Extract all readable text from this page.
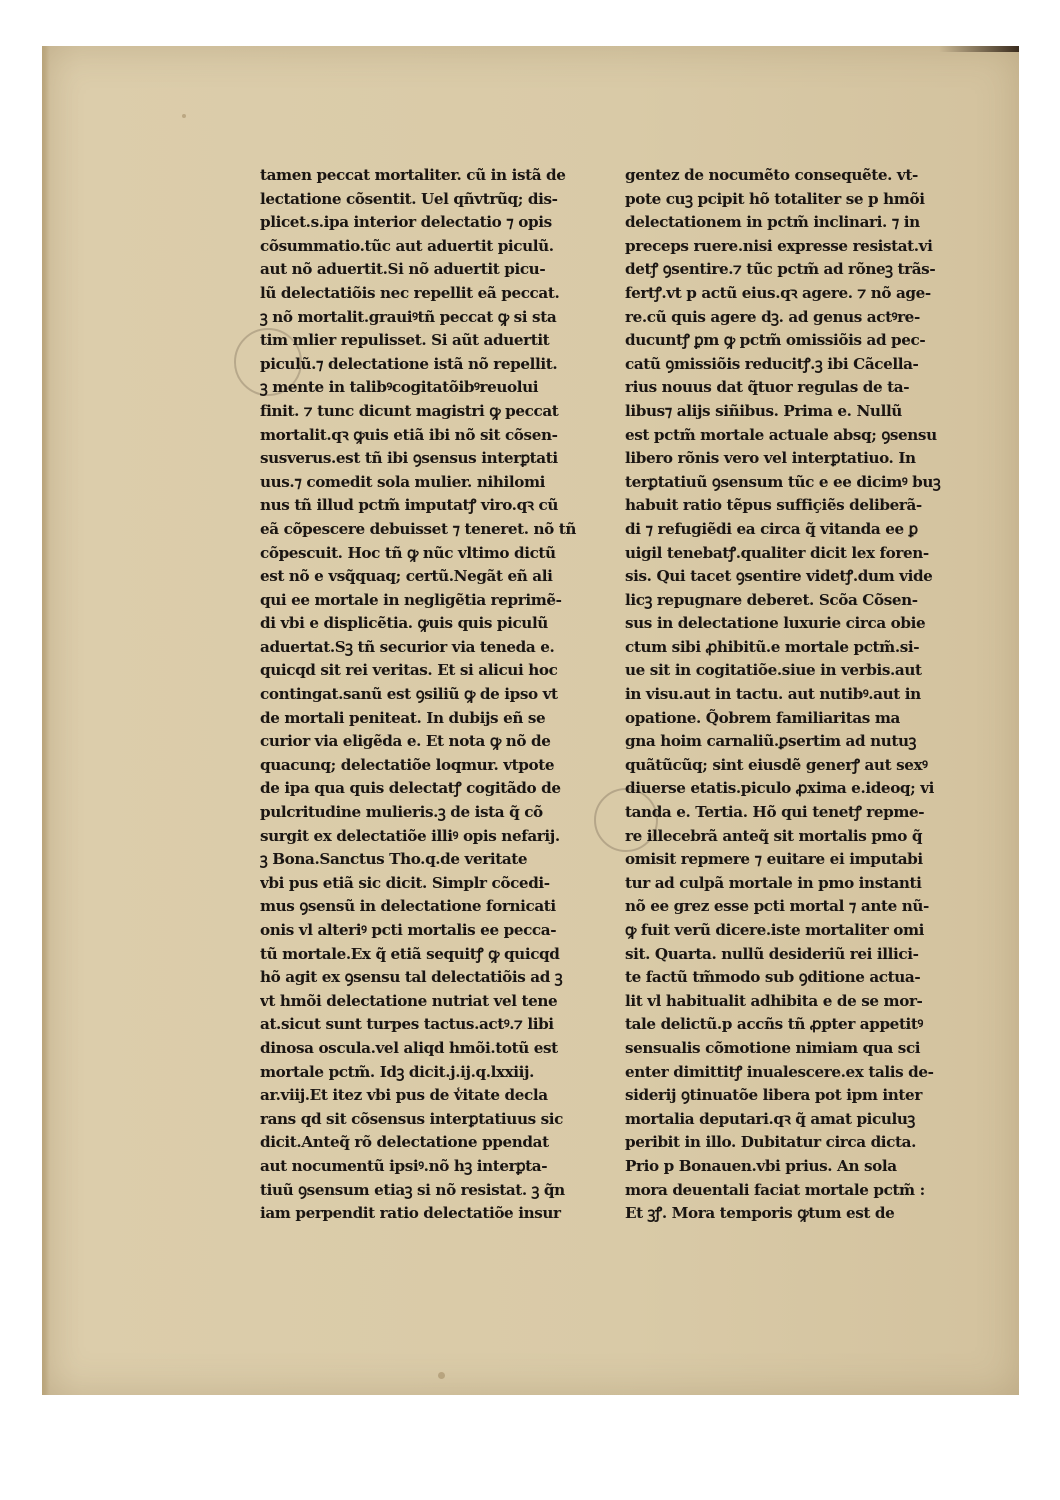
tamen peccat mortaliter. cũ in istã de
lectatione cõsentit. Uel qñvtrũq; dis-
plicet.s.ipa interior delectatio ⁊ opis
cõsummatio.tũc aut aduertit piculũ.
aut nõ aduertit.Si nõ aduertit picu-
lũ delectatiõis nec repellit eã peccat.
ꝫ nõ mortalit.grauiꝰtñ peccat ꝙ si sta
tim mlier repulisset. Si aũt aduertit
piculũ.⁊ delectatione istã nõ repellit.
ꝫ mente in talibꝰcogitatõibꝰreuolui
finit. ⁊ tunc dicunt magistri ꝙ peccat
mortalit.qꝛ ꝙuis etiã ibi nõ sit cõsen-
susverus.est tñ ibi ꝯsensus interꝑtati
uus.⁊ comedit sola mulier. nihilomi
nus tñ illud pctm̃ imputatꝭ viro.qꝛ cũ
eã cõpescere debuisset ⁊ teneret. nõ tñ
cõpescuit. Hoc tñ ꝙ nũc vltimo dictũ
est nõ e vsq̃quaq; certũ.Negãt eñ ali
qui ee mortale in negligẽtia reprimẽ-
di vbi e displicẽtia. ꝙuis quis piculũ
aduertat.Sꝫ tñ securior via teneda e.
quicqd sit rei veritas. Et si alicui hoc
contingat.sanũ est ꝯsiliũ ꝙ de ipso vt
de mortali peniteat. In dubijs eñ se
curior via eligẽda e. Et nota ꝙ nõ de
quacunq; delectatiõe loqmur. vtpote
de ipa qua quis delectatꝭ cogitãdo de
pulcritudine mulieris.ꝫ de ista q̃ cõ
surgit ex delectatiõe illiꝰ opis nefarij.
ꝫ Bona.Sanctus Tho.q.de veritate
vbi pus etiã sic dicit. Simplr cõcedi-
mus ꝯsensũ in delectatione fornicati
onis vl alteriꝰ pcti mortalis ee pecca-
tũ mortale.Ex q̃ etiã sequitꝭ ꝙ quicqd
hõ agit ex ꝯsensu tal delectatiõis ad ꝫ
vt hmõi delectatione nutriat vel tene
at.sicut sunt turpes tactus.actꝰ.⁊ libi
dinosa oscula.vel aliqd hmõi.totũ est
mortale pctm̃. Idꝫ dicit.j.ij.q.lxxiij.
ar.viij.Et itez vbi pus de v̾itate decla
rans qd sit cõsensus interꝑtatiuus sic
dicit.Anteq̃ rõ delectatione ppendat
aut nocumentũ ipsiꝰ.nõ hꝫ interꝑta-
tiuũ ꝯsensum etiaꝫ si nõ resistat. ꝫ q̃n
iam perpendit ratio delectatiõe insur
gentez de nocumẽto consequẽte. vt-
pote cuꝫ pcipit hõ totaliter se p hmõi
delectationem in pctm̃ inclinari. ⁊ in
preceps ruere.nisi expresse resistat.vi
detꝭ ꝯsentire.⁊ tũc pctm̃ ad rõneꝫ trãs-
fertꝭ.vt p actũ eius.qꝛ agere. ⁊ nõ age-
re.cũ quis agere dꝫ. ad genus actꝰre-
ducuntꝭ ꝑm ꝙ pctm̃ omissiõis ad pec-
catũ ꝯmissiõis reducitꝭ.ꝫ ibi Cãcella-
rius nouus dat q̃tuor regulas de ta-
libus⁊ alijs siñibus. Prima e. Nullũ
est pctm̃ mortale actuale absq; ꝯsensu
libero rõnis vero vel interꝑtatiuo. In
terꝑtatiuũ ꝯsensum tũc e ee dicimꝰ buꝫ
habuit ratio tẽpus suffiçiẽs deliberã-
di ⁊ refugiẽdi ea circa q̃ vitanda ee ꝑ
uigil tenebatꝭ.qualiter dicit lex foren-
sis. Qui tacet ꝯsentire videtꝭ.dum vide
licꝫ repugnare deberet. Scõa Cõsen-
sus in delectatione luxurie circa obie
ctum sibi ꝓhibitũ.e mortale pctm̃.si-
ue sit in cogitatiõe.siue in verbis.aut
in visu.aut in tactu. aut nutibꝰ.aut in
opatione. Q̃obrem familiaritas ma
gna hoim carnaliũ.ꝑsertim ad nutuꝫ
quãtũcũq; sint eiusdẽ generꝭ aut sexꝰ
diuerse etatis.piculo ꝓxima e.ideoq; vi
tanda e. Tertia. Hõ qui tenetꝭ repme-
re illecebrã anteq̃ sit mortalis pmo q̃
omisit repmere ⁊ euitare ei imputabi
tur ad culpã mortale in pmo instanti
nõ ee grez esse pcti mortal ⁊ ante nũ-
ꝙ fuit verũ dicere.iste mortaliter omi
sit. Quarta. nullũ desideriũ rei illici-
te factũ tm̃modo sub ꝯditione actua-
lit vl habitualit adhibita e de se mor-
tale delictũ.p accñs tñ ꝓpter appetitꝰ
sensualis cõmotione nimiam qua sci
enter dimittitꝭ inualescere.ex talis de-
siderij ꝯtinuatõe libera pot ipm inter
mortalia deputari.qꝛ q̃ amat piculuꝫ
peribit in illo. Dubitatur circa dicta.
Prio p Bonauen.vbi prius. An sola
mora deuentali faciat mortale pctm̃ :
Et ꝫꝭ. Mora temporis ꝙtum est de
